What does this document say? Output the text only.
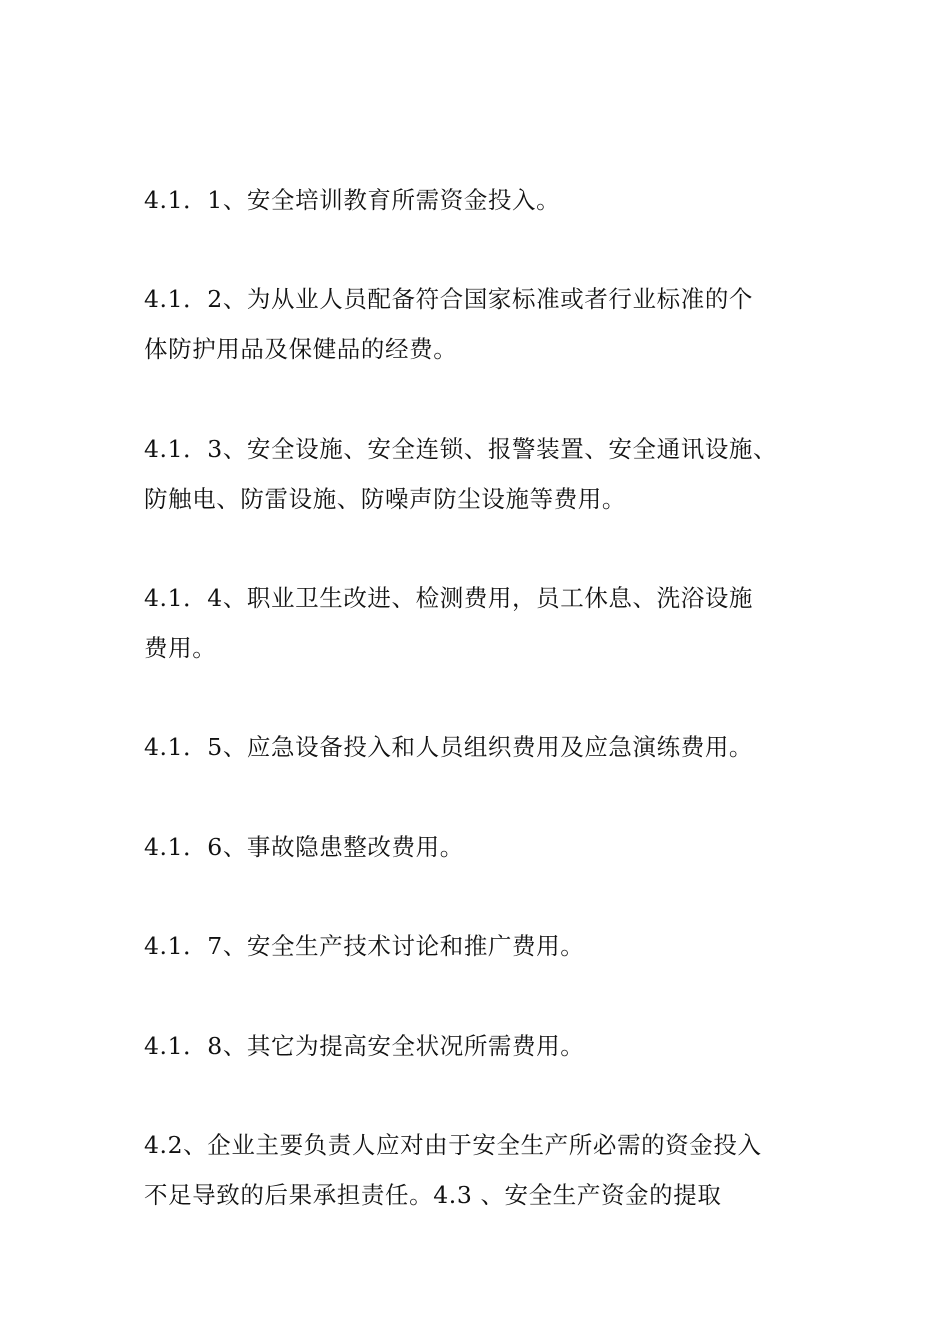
4.1．1、安全培训教育所需资金投入。

4.1．2、为从业人员配备符合国家标准或者行业标准的个
体防护用品及保健品的经费。

4.1．3、安全设施、安全连锁、报警装置、安全通讯设施、
防触电、防雷设施、防噪声防尘设施等费用。

4.1．4、职业卫生改进、检测费用，员工休息、洗浴设施
费用。

4.1．5、应急设备投入和人员组织费用及应急演练费用。

4.1．6、事故隐患整改费用。

4.1．7、安全生产技术讨论和推广费用。

4.1．8、其它为提高安全状况所需费用。

4.2、企业主要负责人应对由于安全生产所必需的资金投入
不足导致的后果承担责任。4.3 、安全生产资金的提取
